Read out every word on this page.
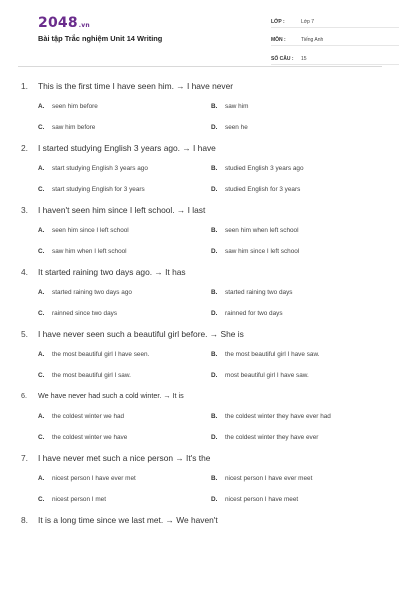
2048.vn
Bài tập Trắc nghiệm Unit 14 Writing
LỚP :	Lớp 7
MÔN :	Tiếng Anh
SỐ CÂU :	15
1.	This is the first time I have seen him. → I have never
A.	seen him before	B.	saw him
C.	saw him before	D.	seen he
2.	I started studying English 3 years ago. → I have
A.	start studying English 3 years ago	B.	studied English 3 years ago
C.	start studying English for 3 years	D.	studied English for 3 years
3.	I haven't seen him since I left school. → I last
A.	seen him since I left school	B.	seen him when left school
C.	saw him when I left school	D.	saw him since I left school
4.	It started raining two days ago. → It has
A.	started raining two days ago	B.	started raining two days
C.	rainned since two days	D.	rainned for two days
5.	I have never seen such a beautiful girl before. → She is
A.	the most beautiful girl I have seen.	B.	the most beautiful girl I have saw.
C.	the most beautiful girl I saw.	D.	most beautiful girl I have saw.
6.	We have never had such a cold winter. → It is
A.	the coldest winter we had	B.	the coldest winter they have ever had
C.	the coldest winter we have	D.	the coldest winter they have ever
7.	I have never met such a nice person → It's the
A.	nicest person I have ever met	B.	nicest person I have ever meet
C.	nicest person I met	D.	nicest person I have meet
8.	It is a long time since we last met. → We haven't
